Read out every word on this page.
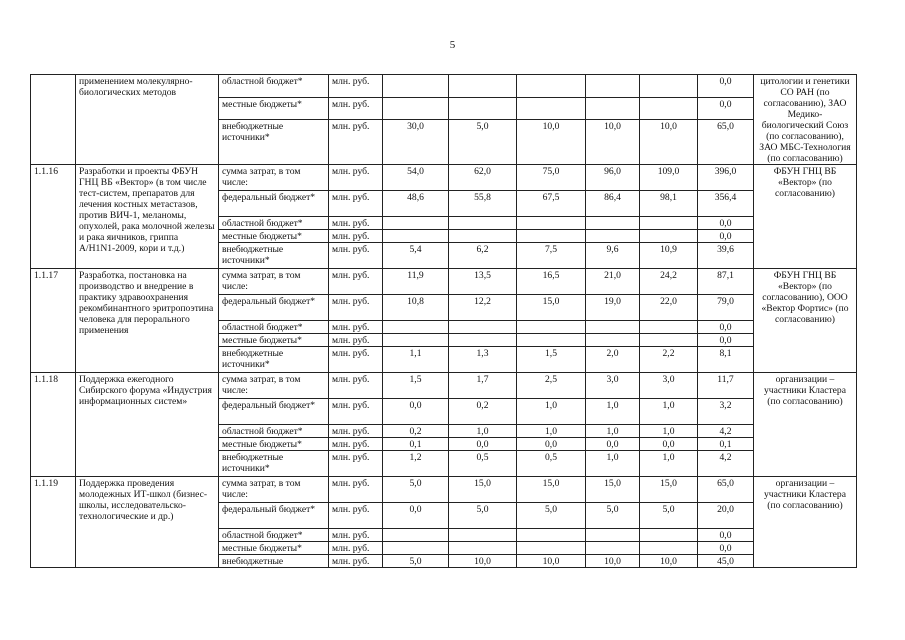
5
	применением молекулярно-биологических методов	областной бюджет*	млн. руб.						0,0	цитологии и генетики СО РАН (по согласованию), ЗАО Медико-биологический Союз (по согласованию), ЗАО МБС-Технология (по согласованию)
		местные бюджеты*	млн. руб.						0,0	
		внебюджетные источники*	млн. руб.	30,0	5,0	10,0	10,0	10,0	65,0	
1.1.16	Разработки и проекты ФБУН ГНЦ ВБ «Вектор» (в том числе тест-систем, препаратов для лечения костных метастазов, против ВИЧ-1, меланомы, опухолей, рака молочной железы и рака яичников, гриппа А/H1N1-2009, кори и т.д.)	сумма затрат, в том числе:	млн. руб.	54,0	62,0	75,0	96,0	109,0	396,0	ФБУН ГНЦ ВБ «Вектор» (по согласованию)
		федеральный бюджет*	млн. руб.	48,6	55,8	67,5	86,4	98,1	356,4	
		областной бюджет*	млн. руб.						0,0	
		местные бюджеты*	млн. руб.						0,0	
		внебюджетные источники*	млн. руб.	5,4	6,2	7,5	9,6	10,9	39,6	
1.1.17	Разработка, постановка на производство и внедрение в практику здравоохранения рекомбинантного эритропоэтина человека для перорального применения	сумма затрат, в том числе:	млн. руб.	11,9	13,5	16,5	21,0	24,2	87,1	ФБУН ГНЦ ВБ «Вектор» (по согласованию), ООО «Вектор Фортис» (по согласованию)
		федеральный бюджет*	млн. руб.	10,8	12,2	15,0	19,0	22,0	79,0	
		областной бюджет*	млн. руб.						0,0	
		местные бюджеты*	млн. руб.						0,0	
		внебюджетные источники*	млн. руб.	1,1	1,3	1,5	2,0	2,2	8,1	
1.1.18	Поддержка ежегодного Сибирского форума «Индустрия информационных систем»	сумма затрат, в том числе:	млн. руб.	1,5	1,7	2,5	3,0	3,0	11,7	организации – участники Кластера (по согласованию)
		федеральный бюджет*	млн. руб.	0,0	0,2	1,0	1,0	1,0	3,2	
		областной бюджет*	млн. руб.	0,2	1,0	1,0	1,0	1,0	4,2	
		местные бюджеты*	млн. руб.	0,1	0,0	0,0	0,0	0,0	0,1	
		внебюджетные источники*	млн. руб.	1,2	0,5	0,5	1,0	1,0	4,2	
1.1.19	Поддержка проведения молодежных ИТ-школ (бизнес-школы, исследовательско-технологические и др.)	сумма затрат, в том числе:	млн. руб.	5,0	15,0	15,0	15,0	15,0	65,0	организации – участники Кластера (по согласованию)
		федеральный бюджет*	млн. руб.	0,0	5,0	5,0	5,0	5,0	20,0	
		областной бюджет*	млн. руб.						0,0	
		местные бюджеты*	млн. руб.						0,0	
		внебюджетные	млн. руб.	5,0	10,0	10,0	10,0	10,0	45,0	
